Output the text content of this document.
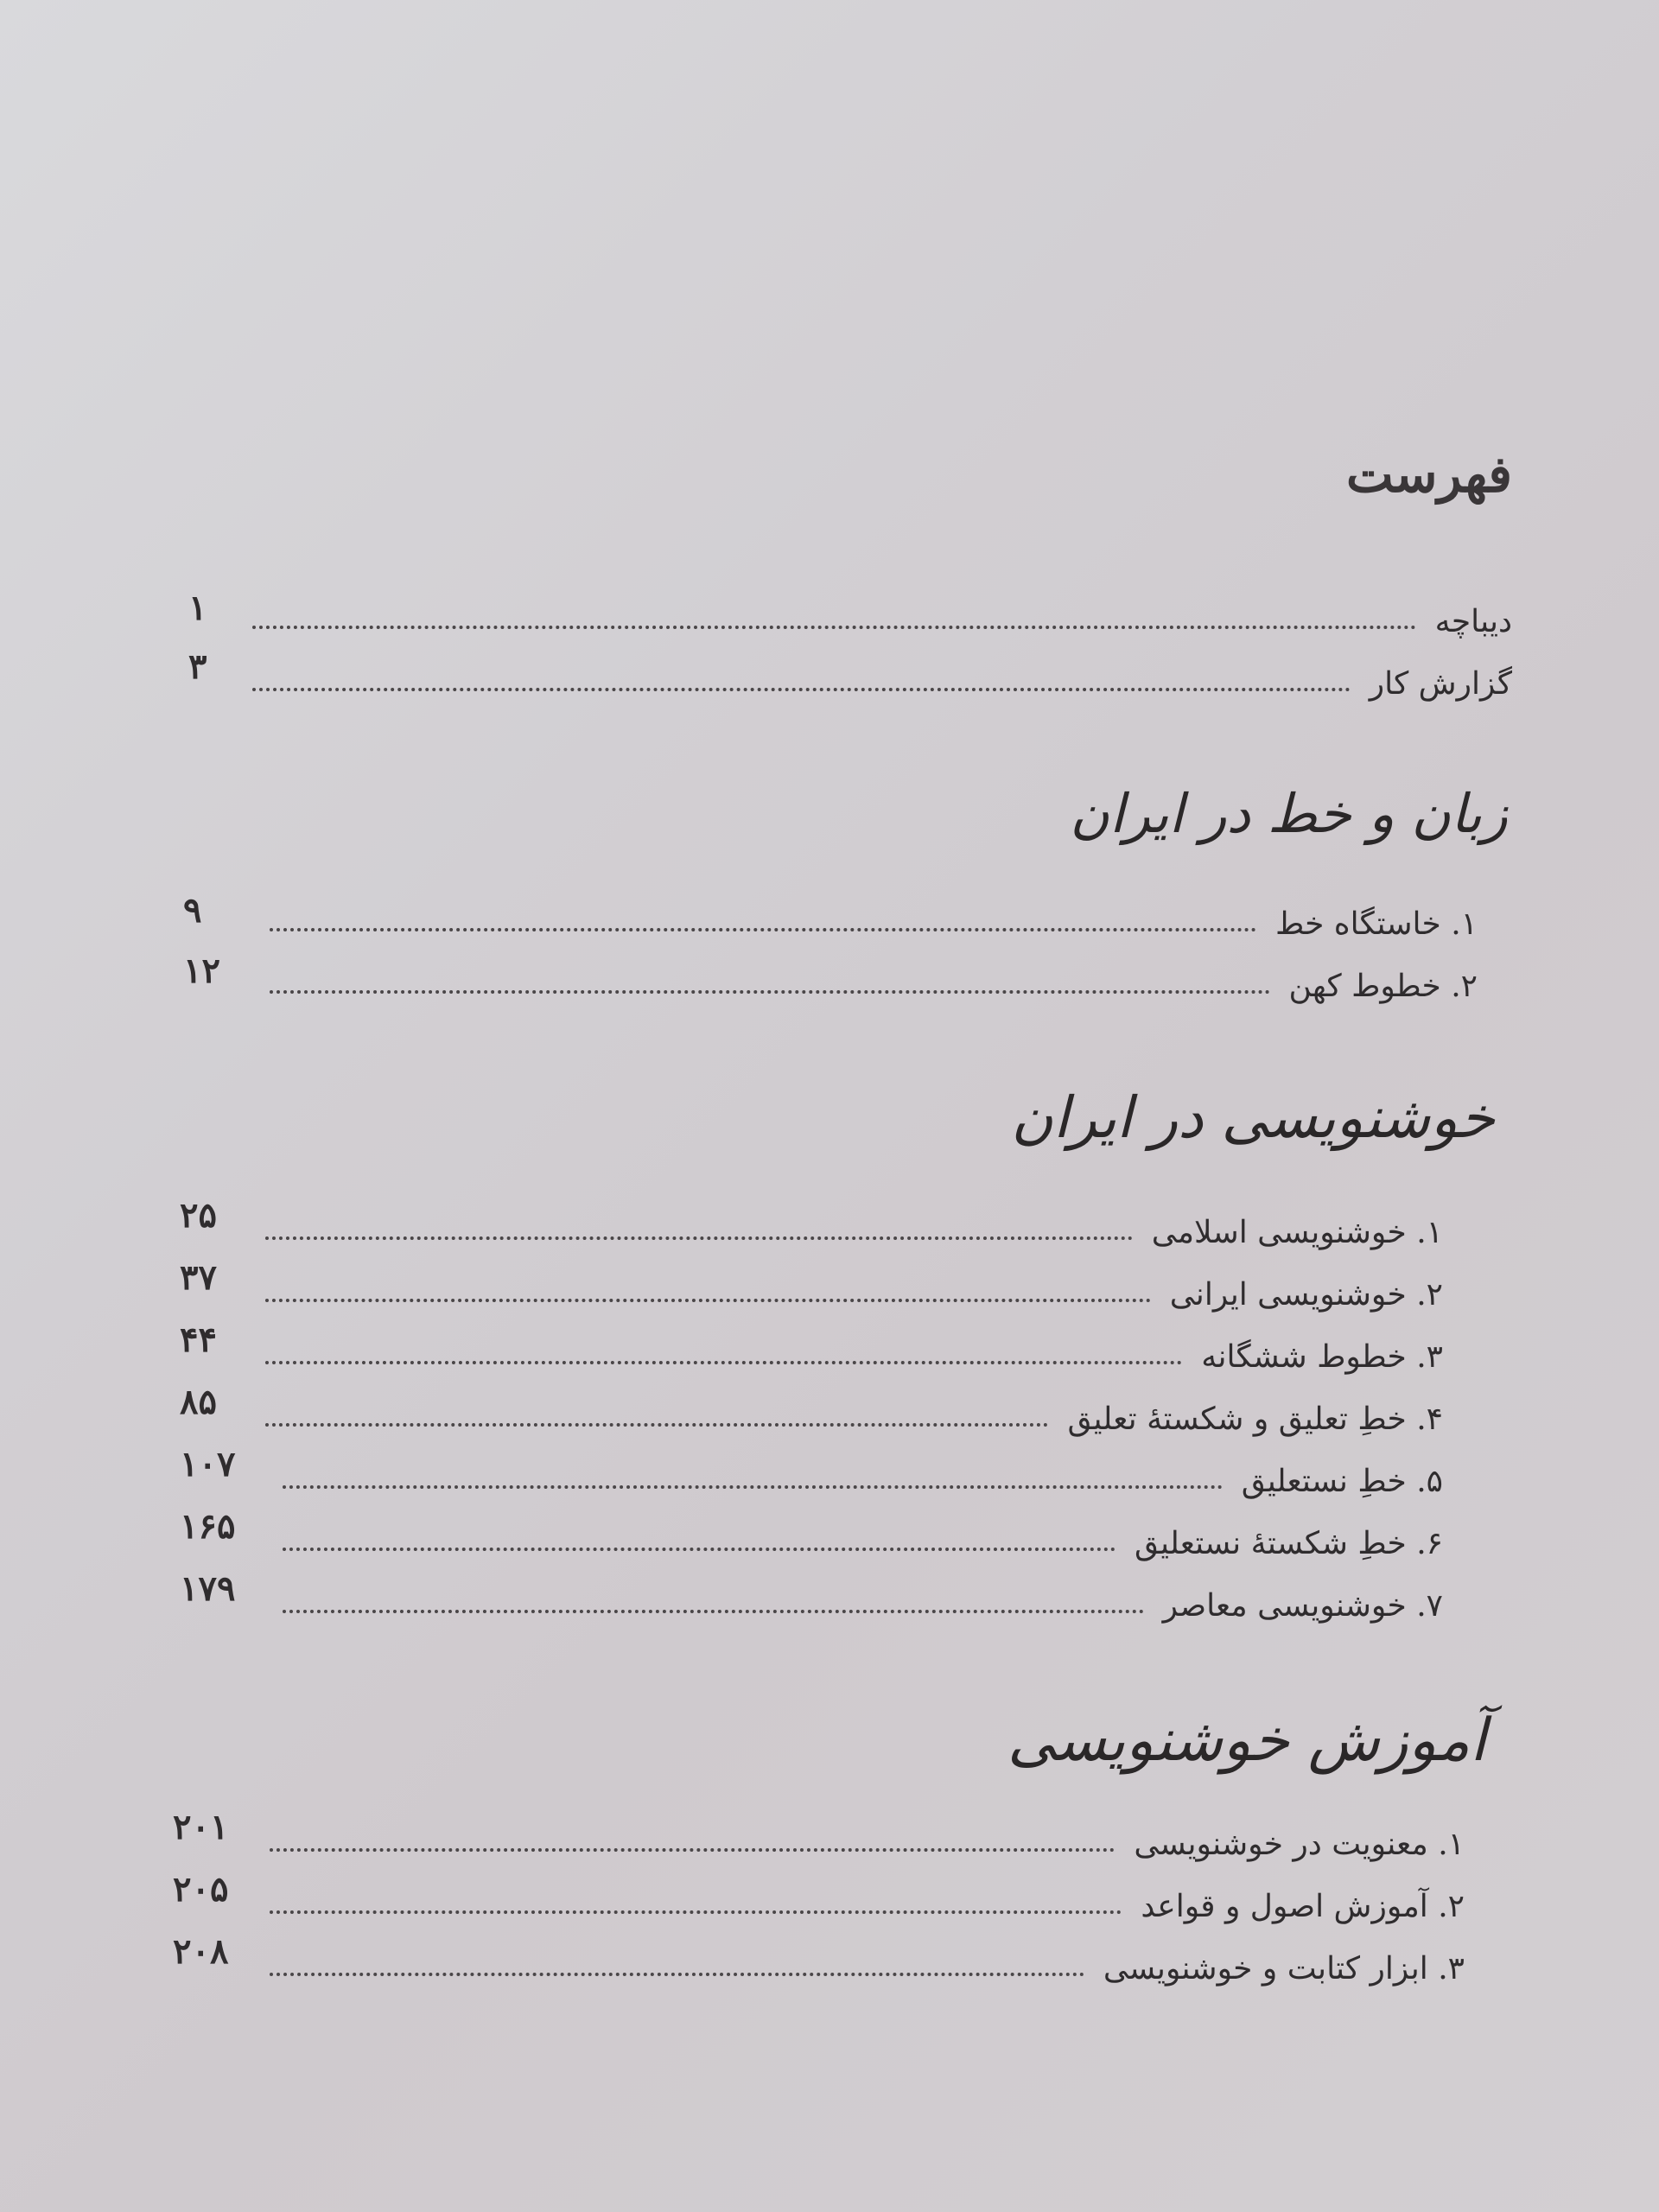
فهرست
دیباچه
۱
گزارش کار
۳
زبان و خط در ایران
۱. خاستگاه خط
۹
۲. خطوط کهن
۱۲
خوشنویسی در ایران
۱. خوشنویسی اسلامی
۲۵
۲. خوشنویسی ایرانی
۳۷
۳. خطوط ششگانه
۴۴
۴. خطِ تعلیق و شکستهٔ تعلیق
۸۵
۵. خطِ نستعلیق
۱۰۷
۶. خطِ شکستهٔ نستعلیق
۱۶۵
۷. خوشنویسی معاصر
۱۷۹
آموزش خوشنویسی
۱. معنویت در خوشنویسی
۲۰۱
۲. آموزش اصول و قواعد
۲۰۵
۳. ابزار کتابت و خوشنویسی
۲۰۸
